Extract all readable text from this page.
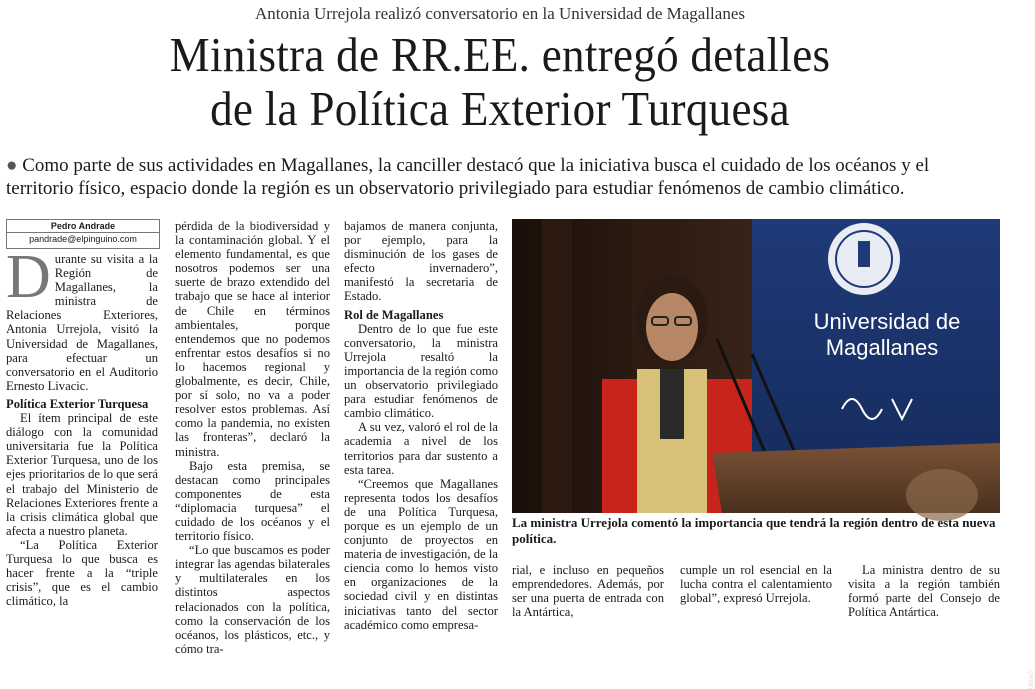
Antonia Urrejola realizó conversatorio en la Universidad de Magallanes
Ministra de RR.EE. entregó detalles
de la Política Exterior Turquesa
● Como parte de sus actividades en Magallanes, la canciller destacó que la iniciativa busca el cuidado de los océanos y el territorio físico, espacio donde la región es un observatorio privilegiado para estudiar fenómenos de cambio climático.
Pedro Andrade
pandrade@elpinguino.com

Durante su visita a la Región de Magallanes, la ministra de Relaciones Exteriores, Antonia Urrejola, visitó la Universidad de Magallanes, para efectuar un conversatorio en el Auditorio Ernesto Livacic.

Política Exterior Turquesa

El ítem principal de este diálogo con la comunidad universitaria fue la Política Exterior Turquesa, uno de los ejes prioritarios de lo que será el trabajo del Ministerio de Relaciones Exteriores frente a la crisis climática global que afecta a nuestro planeta.

“La Política Exterior Turquesa lo que busca es hacer frente a la “triple crisis”, que es el cambio climático, la

pérdida de la biodiversidad y la contaminación global. Y el elemento fundamental, es que nosotros podemos ser una suerte de brazo extendido del trabajo que se hace al interior de Chile en términos ambientales, porque entendemos que no podemos enfrentar estos desafíos si no lo hacemos regional y globalmente, es decir, Chile, por sí solo, no va a poder resolver estos problemas. Así como la pandemia, no existen las fronteras”, declaró la ministra.

Bajo esta premisa, se destacan como principales componentes de esta “diplomacia turquesa” el cuidado de los océanos y el territorio físico.

“Lo que buscamos es poder integrar las agendas bilaterales y multilaterales en los distintos aspectos relacionados con la política, como la conservación de los océanos, los plásticos, etc., y cómo tra-

bajamos de manera conjunta, por ejemplo, para la disminución de los gases de efecto invernadero”, manifestó la secretaria de Estado.

Rol de Magallanes

Dentro de lo que fue este conversatorio, la ministra Urrejola resaltó la importancia de la región como un observatorio privilegiado para estudiar fenómenos de cambio climático.

A su vez, valoró el rol de la academia a nivel de los territorios para dar sustento a esta tarea.

“Creemos que Magallanes representa todos los desafíos de una Política Turquesa, porque es un ejemplo de un conjunto de proyectos en materia de investigación, de la ciencia como lo hemos visto en organizaciones de la sociedad civil y en distintas iniciativas tanto del sector académico como empresa-

Universidad de
Magallanes
UMAG
La ministra Urrejola comentó la importancia que tendrá la región dentro de esta nueva política.

rial, e incluso en pequeños emprendedores. Además, por ser una puerta de entrada con la Antártica,

cumple un rol esencial en la lucha contra el calentamiento global”, expresó Urrejola.

La ministra dentro de su visita a la región también formó parte del Consejo de Política Antártica.
